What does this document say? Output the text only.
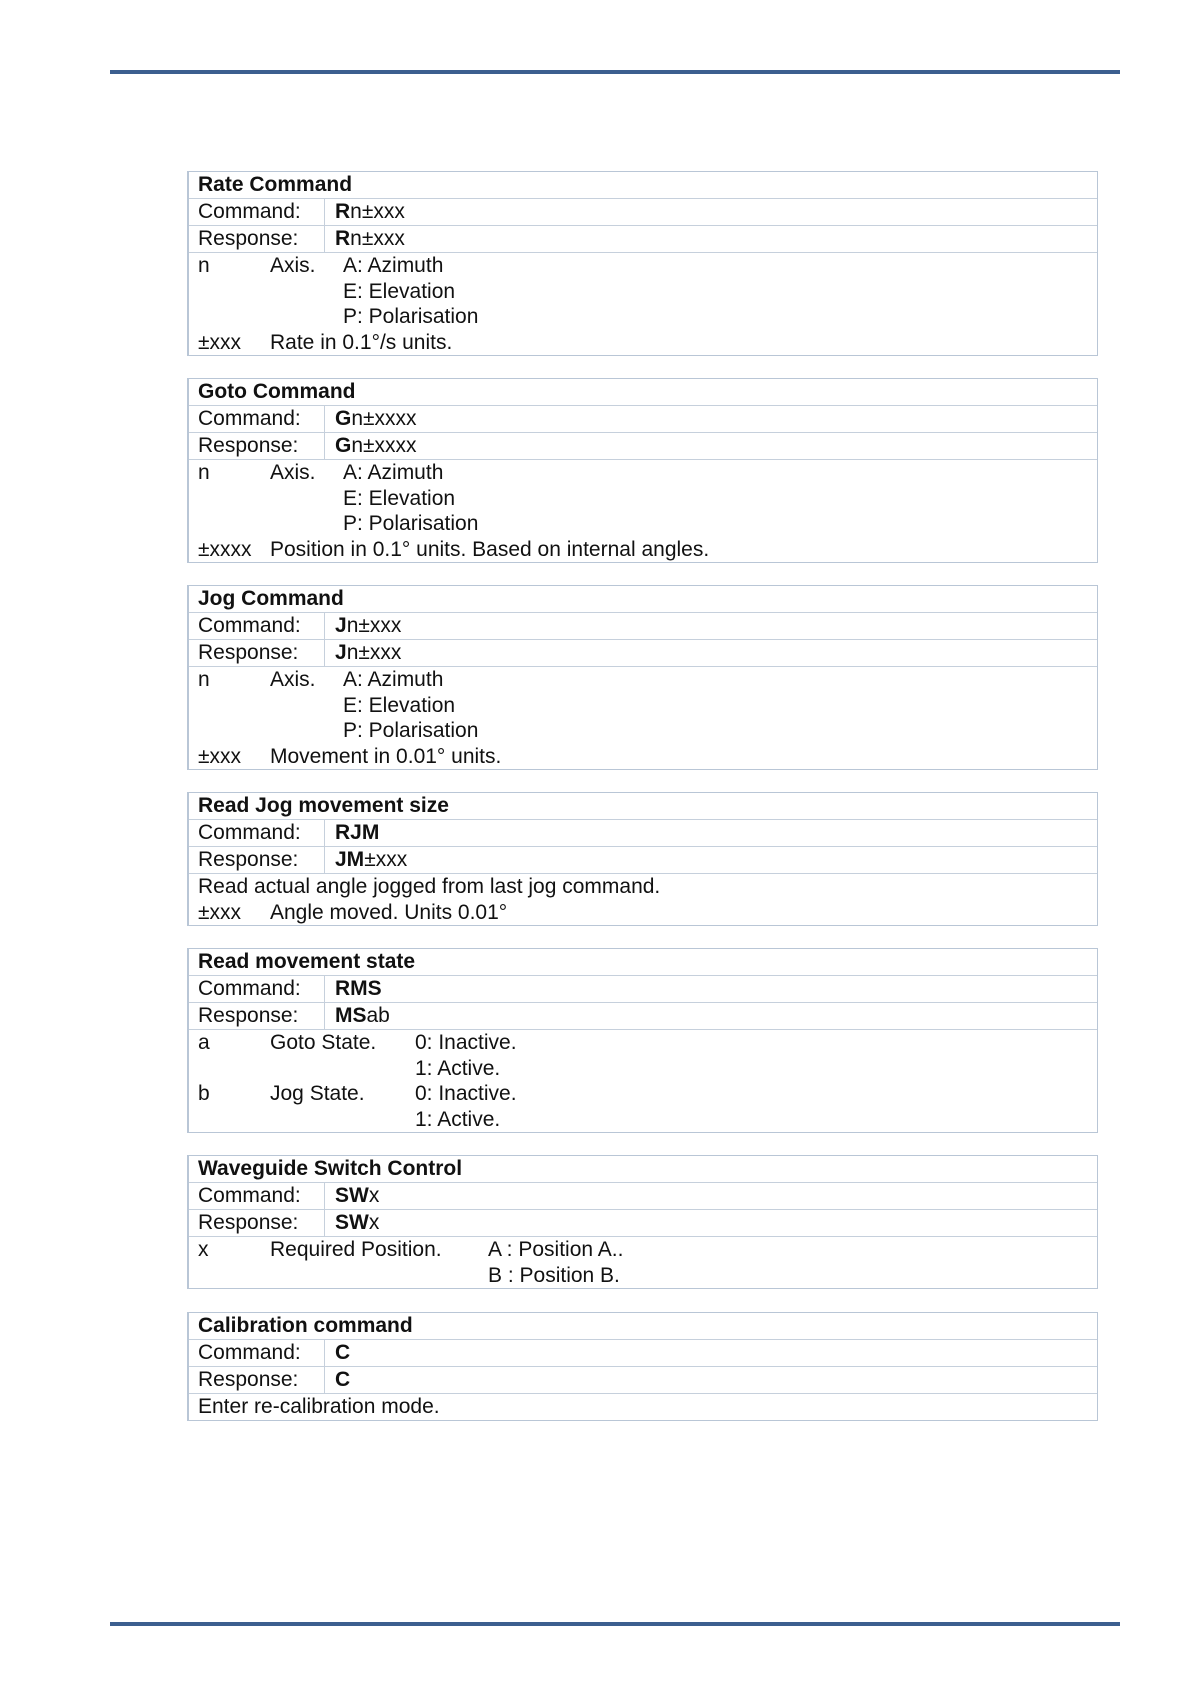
Rate Command
Command:	Rn±xxx
Response:	Rn±xxx
n	Axis.	A: Azimuth
E: Elevation
P: Polarisation
±xxx	Rate in 0.1°/s units.
Goto Command
Command:	Gn±xxxx
Response:	Gn±xxxx
n	Axis.	A: Azimuth
E: Elevation
P: Polarisation
±xxxx Position in 0.1° units. Based on internal angles.
Jog Command
Command:	Jn±xxx
Response:	Jn±xxx
n	Axis.	A: Azimuth
E: Elevation
P: Polarisation
±xxx	Movement in 0.01° units.
Read Jog movement size
Command:	RJM
Response:	JM±xxx
Read actual angle jogged from last jog command.
±xxx	Angle moved. Units 0.01°
Read movement state
Command:	RMS
Response:	MSab
a	Goto State.	0: Inactive.
1: Active.
b	Jog State.	0: Inactive.
1: Active.
Waveguide Switch Control
Command:	SWx
Response:	SWx
x	Required Position.	A : Position A..
B : Position B.
Calibration command
Command:	C
Response:	C
Enter re-calibration mode.
